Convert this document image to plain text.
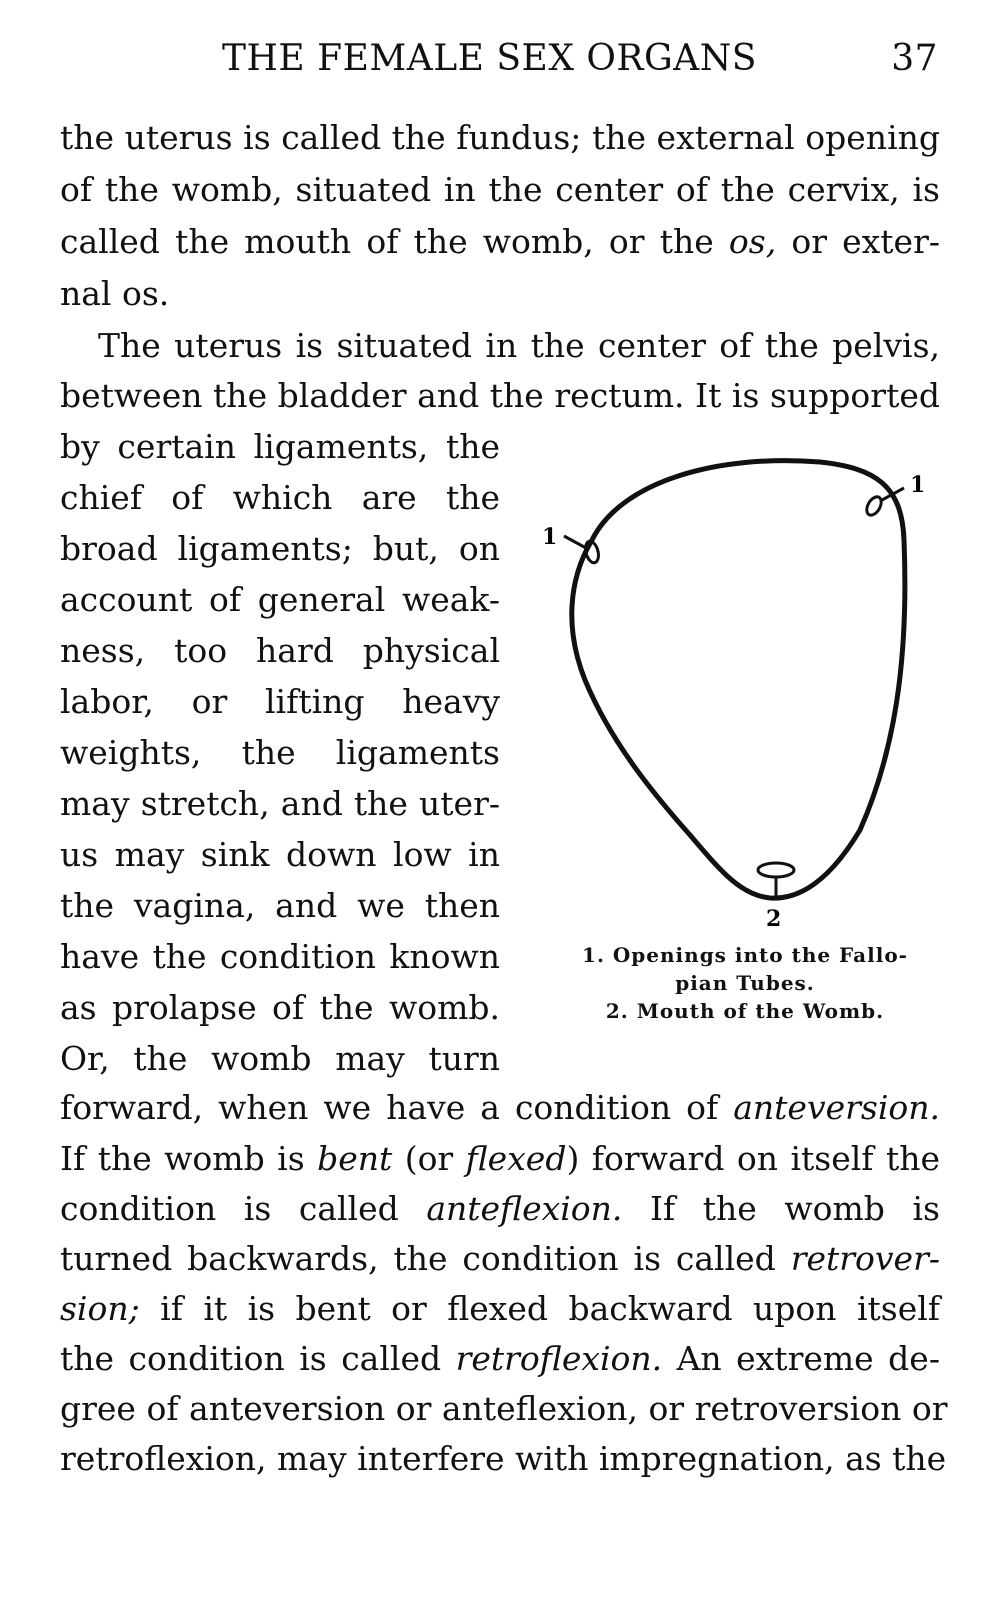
THE FEMALE SEX ORGANS	37
the uterus is called the fundus; the external opening
of the womb, situated in the center of the cervix, is
called the mouth of the womb, or the os, or exter-
nal os.
The uterus is situated in the center of the pelvis,
between the bladder and the rectum. It is supported
by certain ligaments, the
chief of which are the
broad ligaments; but, on
account of general weak-
ness, too hard physical
labor, or lifting heavy
weights, the ligaments
may stretch, and the uter-
us may sink down low in
the vagina, and we then
have the condition known
as prolapse of the womb.
Or, the womb may turn
forward, when we have a condition of anteversion.
If the womb is bent (or flexed) forward on itself the
condition is called anteflexion. If the womb is
turned backwards, the condition is called retrover-
sion; if it is bent or flexed backward upon itself
the condition is called retroflexion. An extreme de-
gree of anteversion or anteflexion, or retroversion or
retroflexion, may interfere with impregnation, as the
1
1
2
1. Openings into the Fallo-
pian Tubes.
2. Mouth of the Womb.
